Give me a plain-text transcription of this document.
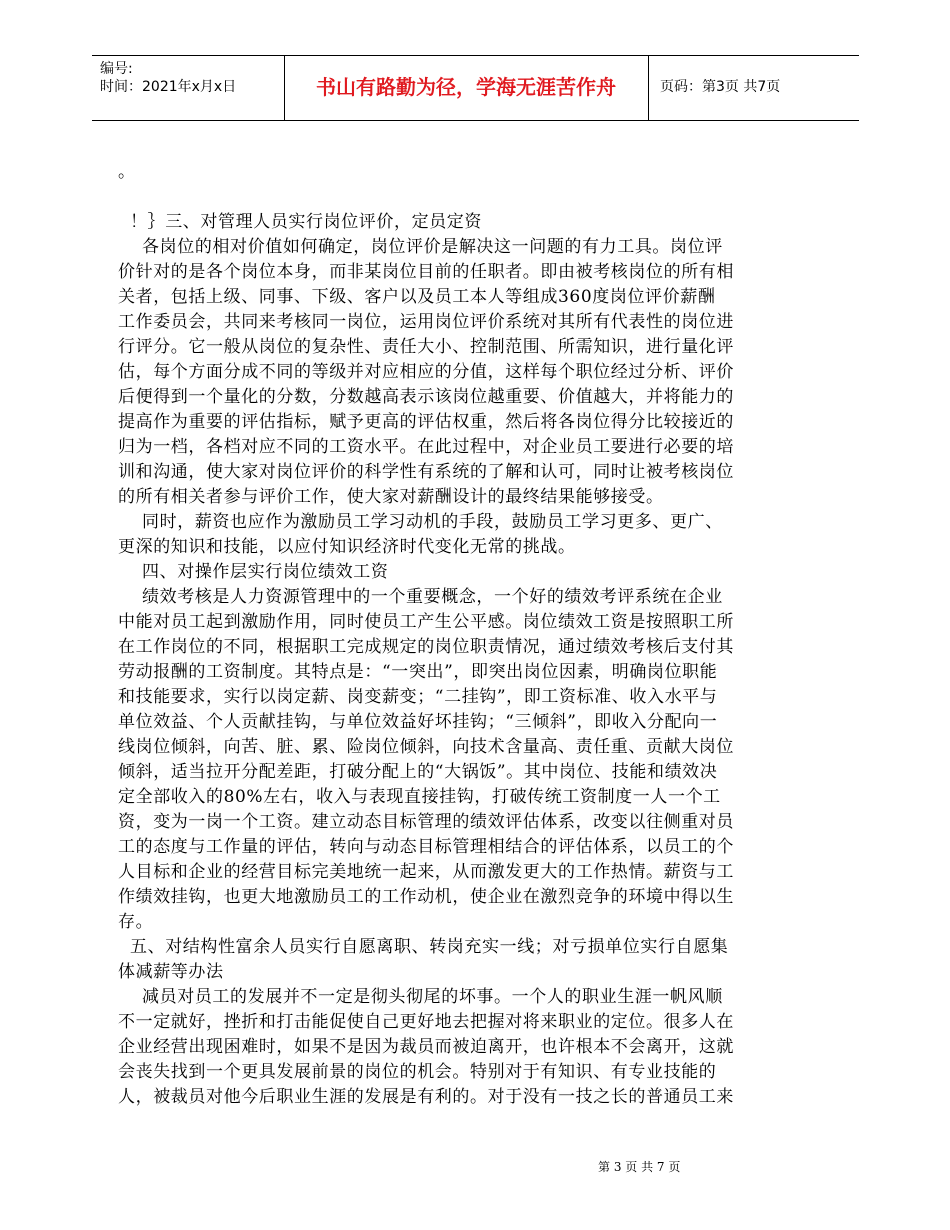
编号:
时间：2021年x月x日	书山有路勤为径，学海无涯苦作舟	页码：第3页 共7页
。
！｝三、对管理人员实行岗位评价，定员定资
各岗位的相对价值如何确定，岗位评价是解决这一问题的有力工具。岗位评
价针对的是各个岗位本身，而非某岗位目前的任职者。即由被考核岗位的所有相
关者，包括上级、同事、下级、客户以及员工本人等组成360度岗位评价薪酬
工作委员会，共同来考核同一岗位，运用岗位评价系统对其所有代表性的岗位进
行评分。它一般从岗位的复杂性、责任大小、控制范围、所需知识，进行量化评
估，每个方面分成不同的等级并对应相应的分值，这样每个职位经过分析、评价
后便得到一个量化的分数，分数越高表示该岗位越重要、价值越大，并将能力的
提高作为重要的评估指标，赋予更高的评估权重，然后将各岗位得分比较接近的
归为一档，各档对应不同的工资水平。在此过程中，对企业员工要进行必要的培
训和沟通，使大家对岗位评价的科学性有系统的了解和认可，同时让被考核岗位
的所有相关者参与评价工作，使大家对薪酬设计的最终结果能够接受。
同时，薪资也应作为激励员工学习动机的手段，鼓励员工学习更多、更广、
更深的知识和技能，以应付知识经济时代变化无常的挑战。
四、对操作层实行岗位绩效工资
绩效考核是人力资源管理中的一个重要概念，一个好的绩效考评系统在企业
中能对员工起到激励作用，同时使员工产生公平感。岗位绩效工资是按照职工所
在工作岗位的不同，根据职工完成规定的岗位职责情况，通过绩效考核后支付其
劳动报酬的工资制度。其特点是：“一突出”，即突出岗位因素，明确岗位职能
和技能要求，实行以岗定薪、岗变薪变；“二挂钩”，即工资标准、收入水平与
单位效益、个人贡献挂钩，与单位效益好坏挂钩；“三倾斜”，即收入分配向一
线岗位倾斜，向苦、脏、累、险岗位倾斜，向技术含量高、责任重、贡献大岗位
倾斜，适当拉开分配差距，打破分配上的“大锅饭”。其中岗位、技能和绩效决
定全部收入的80%左右，收入与表现直接挂钩，打破传统工资制度一人一个工
资，变为一岗一个工资。建立动态目标管理的绩效评估体系，改变以往侧重对员
工的态度与工作量的评估，转向与动态目标管理相结合的评估体系，以员工的个
人目标和企业的经营目标完美地统一起来，从而激发更大的工作热情。薪资与工
作绩效挂钩，也更大地激励员工的工作动机，使企业在激烈竞争的环境中得以生
存。
五、对结构性富余人员实行自愿离职、转岗充实一线；对亏损单位实行自愿集
体减薪等办法
减员对员工的发展并不一定是彻头彻尾的坏事。一个人的职业生涯一帆风顺
不一定就好，挫折和打击能促使自己更好地去把握对将来职业的定位。很多人在
企业经营出现困难时，如果不是因为裁员而被迫离开，也许根本不会离开，这就
会丧失找到一个更具发展前景的岗位的机会。特别对于有知识、有专业技能的
人，被裁员对他今后职业生涯的发展是有利的。对于没有一技之长的普通员工来
第 3 页 共 7 页
